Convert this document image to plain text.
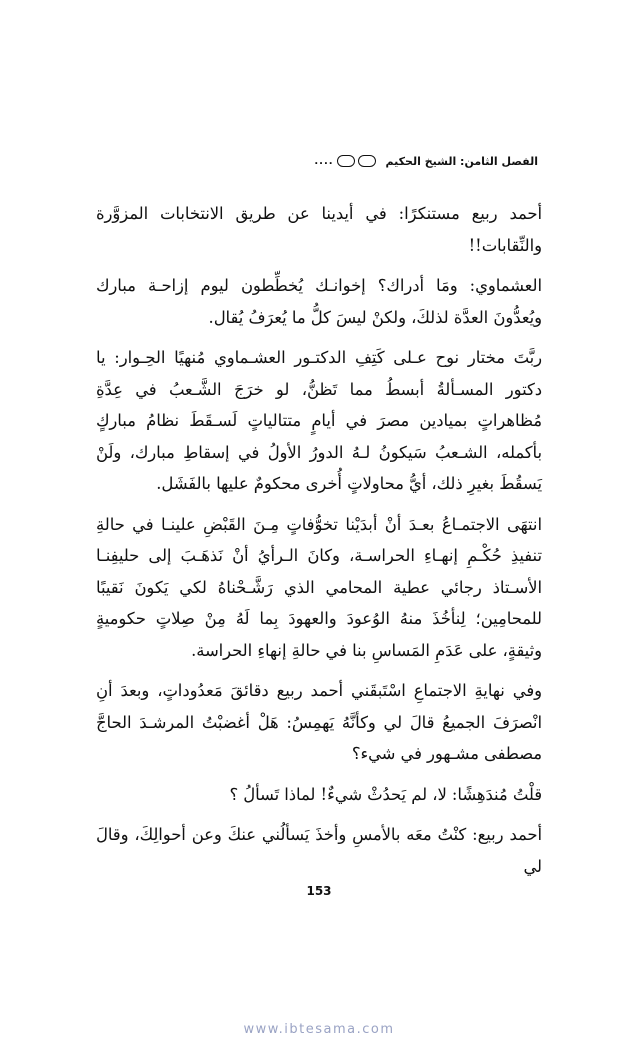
الفصل الثامن: الشيخ الحكيم
....

أحمد ربيع مستنكرًا: في أيدينا عن طريق الانتخابات المزوَّرة والنِّقابات!!

العشماوي: ومَا أدراك؟ إخوانـك يُخطِّطون ليوم إزاحـة مبارك ويُعدُّونَ العدَّة لذلكَ، ولكنْ ليسَ كلُّ ما يُعرَفُ يُقال.

ربَّتَ مختار نوح عـلى كَتِفِ الدكتـور العشـماوي مُنهيًا الحِـوار: يا دكتور المسـألةُ أبسطُ مما تَظنُّ، لو خرَجَ الشَّـعبُ في عِدَّةِ مُظاهراتٍ بميادين مصرَ في أيامٍ متتالياتٍ لَسـقَطَ نظامُ مباركٍ بأكمله، الشـعبُ سَيكونُ لـهُ الدورُ الأولُ في إسقاطِ مبارك، ولَنْ يَسقُطَ بغيرِ ذلك، أيُّ محاولاتٍ أُخرى محكومٌ عليها بالفَشَل.

انتهَى الاجتمـاعُ بعـدَ أنْ أبدَيْنا تخوُّفاتٍ مِـنَ القَبْضِ علينـا في حالةِ تنفيذِ حُكْـمِ إنهـاءِ الحراسـة، وكانَ الـرأيُ أنْ نَذهَـبَ إلى حليفِنـا الأسـتاذ رجائي عطية المحامي الذي رَشَّـحْناهُ لكي يَكونَ نَقيبًا للمحامِين؛ لِنأخُذَ منهُ الوُعودَ والعهودَ بِما لَهُ مِنْ صِلاتٍ حكوميةٍ وثيقةٍ، على عَدَمِ المَساسِ بنا في حالةِ إنهاءِ الحراسة.

وفي نهايةِ الاجتماعِ اسْتَبقَني أحمد ربيع دقائقَ مَعدُوداتٍ، وبعدَ أنِ انْصرَفَ الجميعُ قالَ لي وكأنَّهُ يَهمِسُ: هَلْ أغضبْتُ المرشـدَ الحاجَّ مصطفى مشـهور في شيء؟

قلْتُ مُندَهِشًا: لا، لم يَحدُثْ شيءٌ! لماذا تَسألُ ؟

أحمد ربيع: كنْتُ معَه بالأمسِ وأخذَ يَسألُني عنكَ وعن أحوالِكَ، وقالَ لي

153
www.ibtesama.com
